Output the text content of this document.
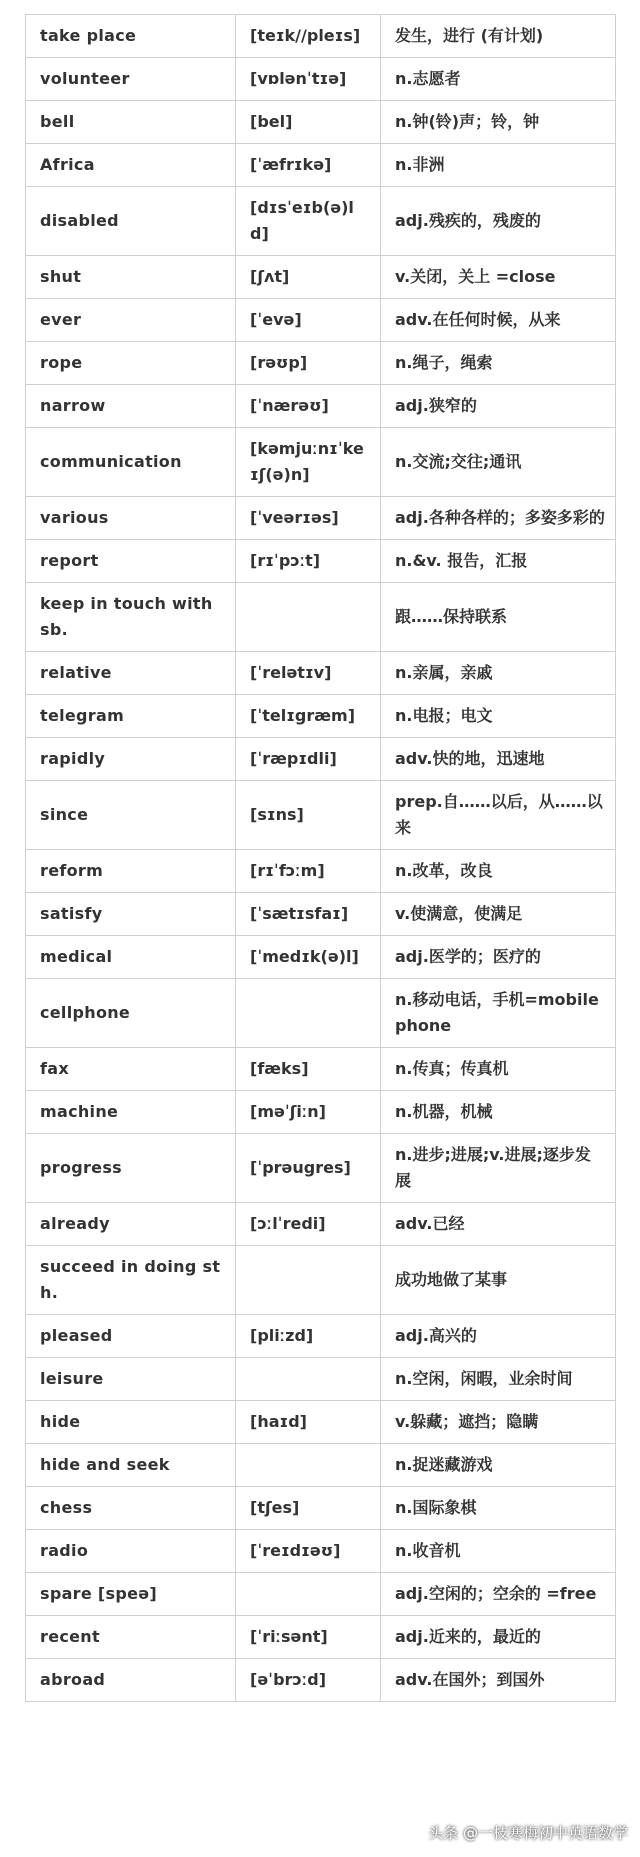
take place	[teɪk//pleɪs]	发生，进行 (有计划)
volunteer	[vɒlənˈtɪə]	n.志愿者
bell	[bel]	n.钟(铃)声；铃，钟
Africa	[ˈæfrɪkə]	n.非洲
disabled	[dɪsˈeɪb(ə)ld]	adj.残疾的，残废的
shut	[ʃʌt]	v.关闭，关上 =close
ever	[ˈevə]	adv.在任何时候，从来
rope	[rəʊp]	n.绳子，绳索
narrow	[ˈnærəʊ]	adj.狭窄的
communication	[kəmjuːnɪˈkeɪʃ(ə)n]	n.交流;交往;通讯
various	[ˈveərɪəs]	adj.各种各样的；多姿多彩的
report	[rɪˈpɔːt]	n.&v. 报告，汇报
keep in touch with sb.		跟……保持联系
relative	[ˈrelətɪv]	n.亲属，亲戚
telegram	[ˈtelɪgræm]	n.电报；电文
rapidly	[ˈræpɪdli]	adv.快的地，迅速地
since	[sɪns]	prep.自……以后，从……以来
reform	[rɪˈfɔːm]	n.改革，改良
satisfy	[ˈsætɪsfaɪ]	v.使满意，使满足
medical	[ˈmedɪk(ə)l]	adj.医学的；医疗的
cellphone		n.移动电话，手机=mobile phone
fax	[fæks]	n.传真；传真机
machine	[məˈʃiːn]	n.机器，机械
progress	[ˈprəugres]	n.进步;进展;v.进展;逐步发展
already	[ɔːlˈredi]	adv.已经
succeed in doing sth.		成功地做了某事
pleased	[pliːzd]	adj.高兴的
leisure		n.空闲，闲暇，业余时间
hide	[haɪd]	v.躲藏；遮挡；隐瞒
hide and seek		n.捉迷藏游戏
chess	[tʃes]	n.国际象棋
radio	[ˈreɪdɪəʊ]	n.收音机
spare [speə]		adj.空闲的；空余的 =free
recent	[ˈriːsənt]	adj.近来的，最近的
abroad	[əˈbrɔːd]	adv.在国外；到国外
头条 @一枝寒梅初中英语数学
